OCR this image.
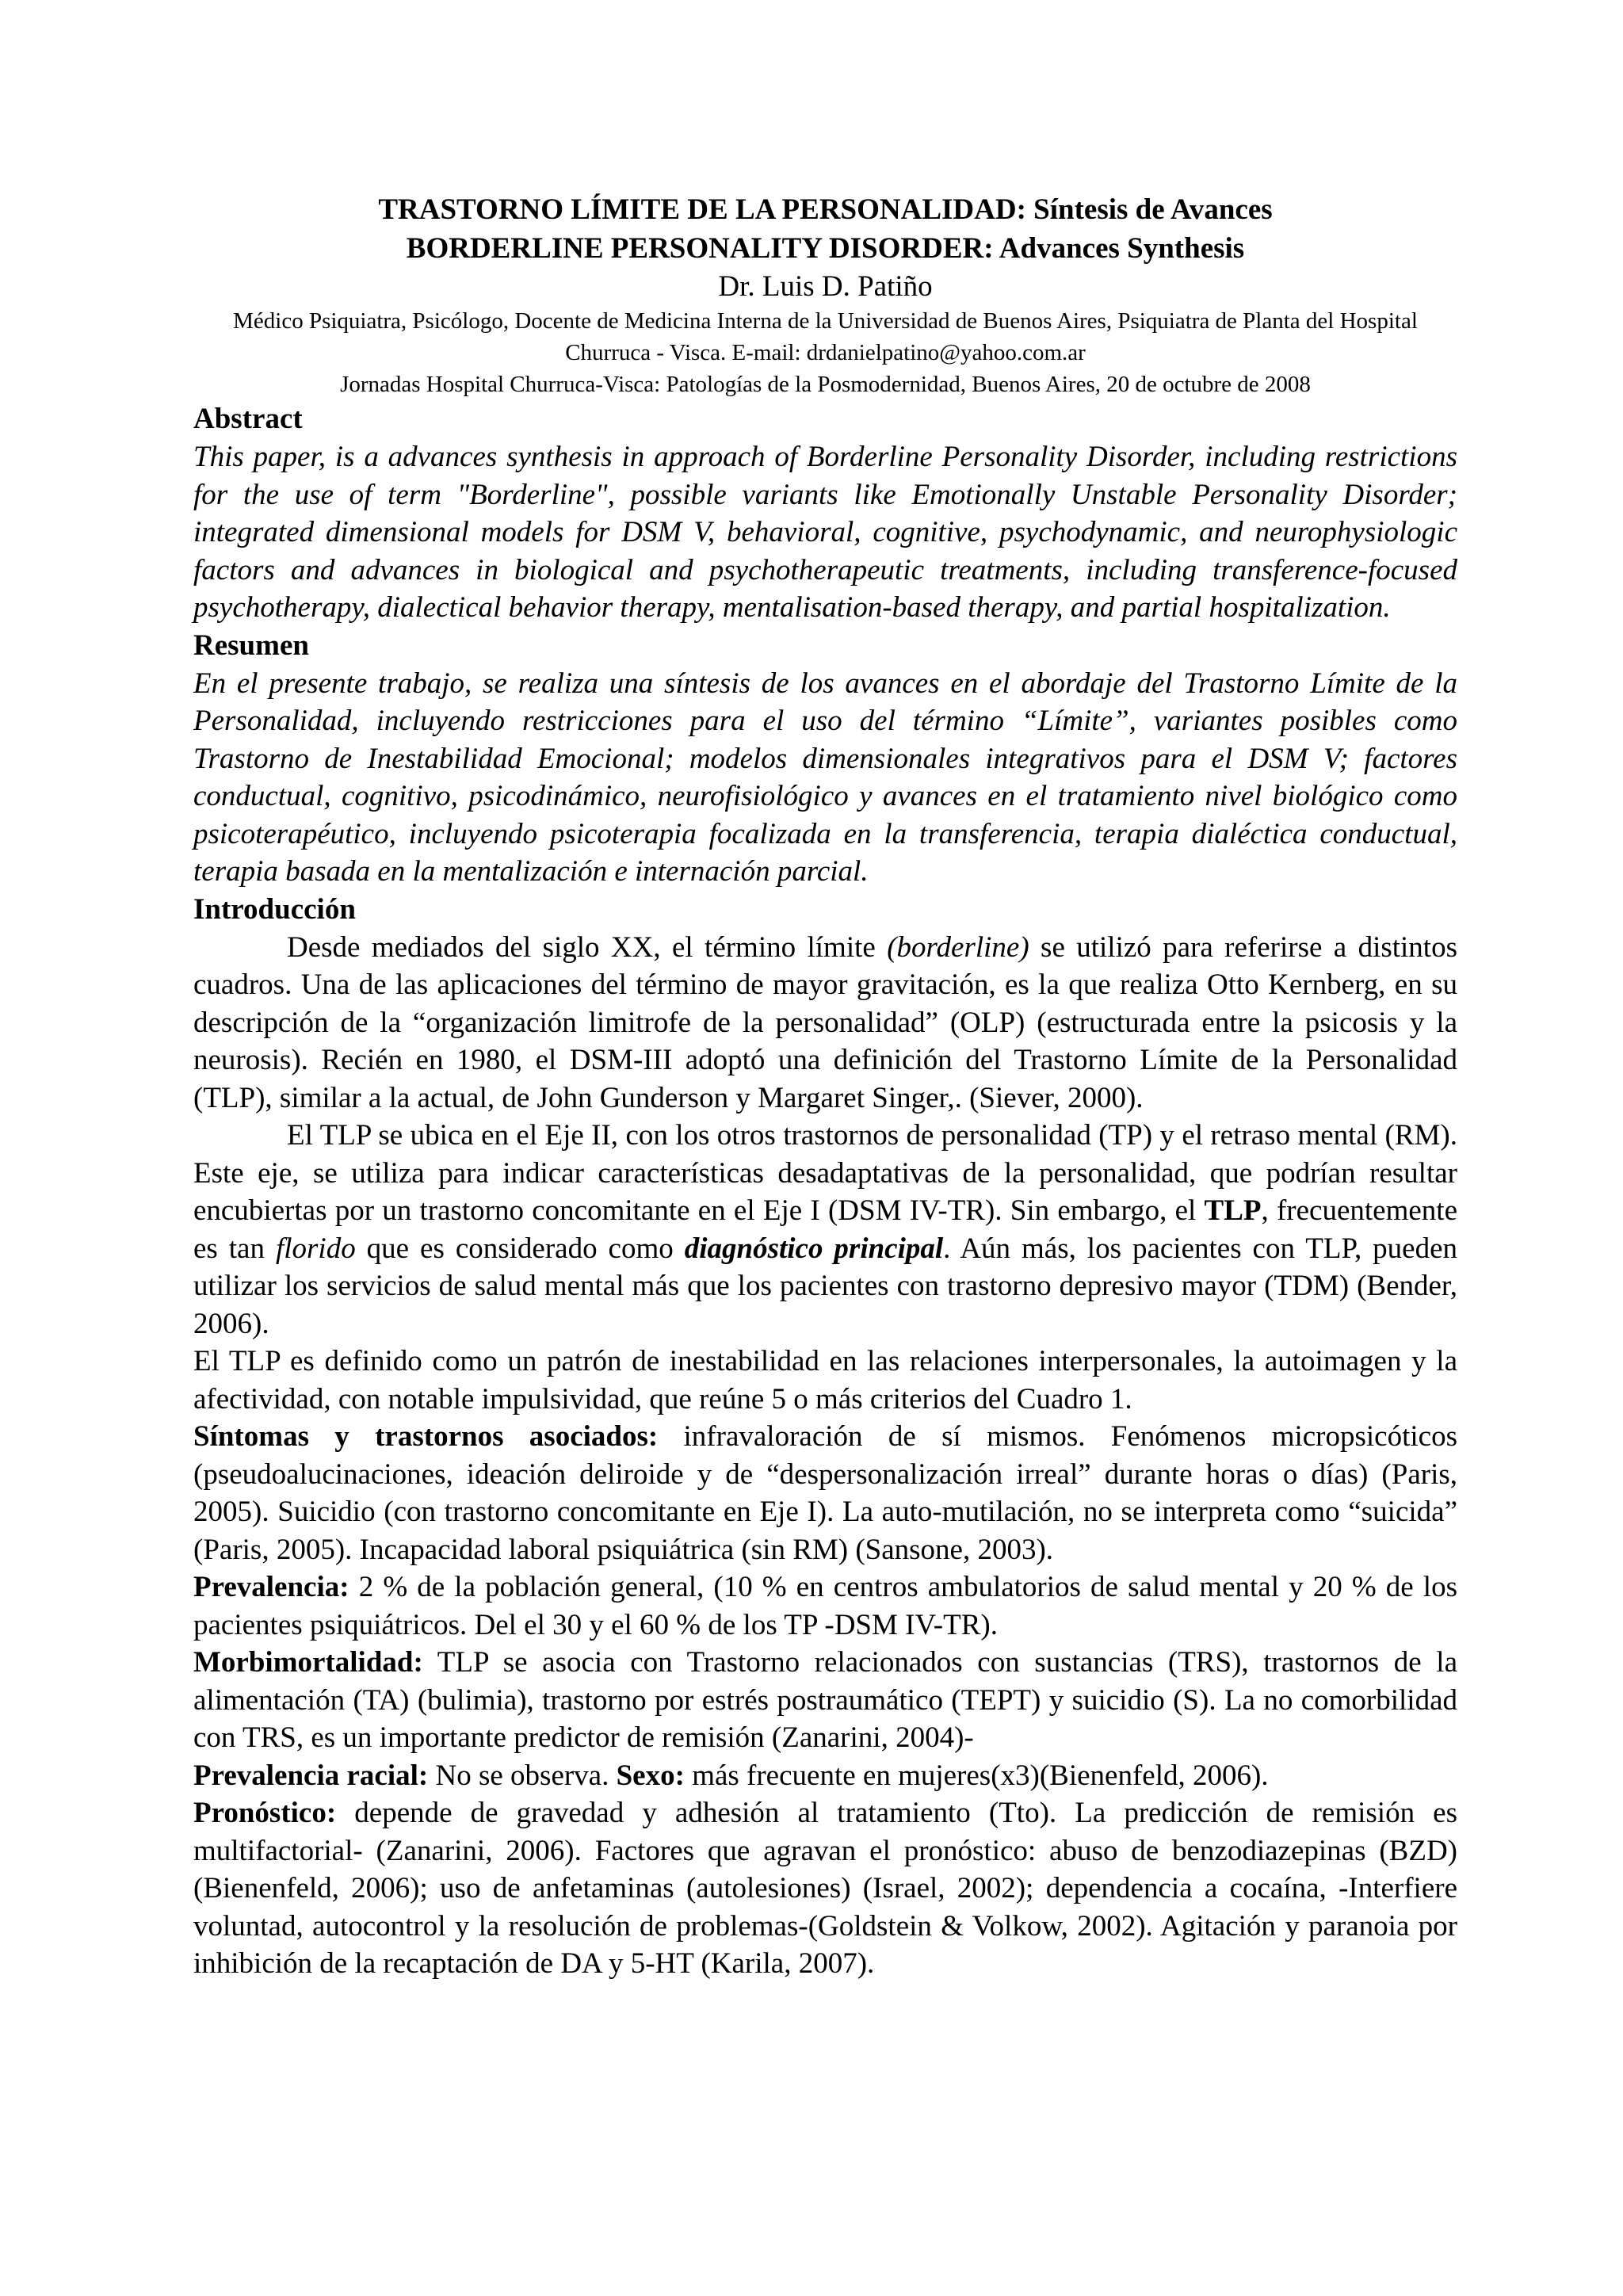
TRASTORNO LÍMITE DE LA PERSONALIDAD: Síntesis de Avances
BORDERLINE PERSONALITY DISORDER: Advances Synthesis
Dr. Luis D. Patiño
Médico Psiquiatra, Psicólogo, Docente de Medicina Interna de la Universidad de Buenos Aires, Psiquiatra de Planta del Hospital Churruca - Visca. E-mail: drdanielpatino@yahoo.com.ar
Jornadas Hospital Churruca-Visca: Patologías de la Posmodernidad, Buenos Aires, 20 de octubre de 2008
Abstract
This paper, is a advances synthesis in approach of Borderline Personality Disorder, including restrictions for the use of term "Borderline", possible variants like Emotionally Unstable Personality Disorder; integrated dimensional models for DSM V, behavioral, cognitive, psychodynamic, and neurophysiologic factors and advances in biological and psychotherapeutic treatments, including transference-focused psychotherapy, dialectical behavior therapy, mentalisation-based therapy, and partial hospitalization.
Resumen
En el presente trabajo, se realiza una síntesis de los avances en el abordaje del Trastorno Límite de la Personalidad, incluyendo restricciones para el uso del término “Límite”, variantes posibles como Trastorno de Inestabilidad Emocional; modelos dimensionales integrativos para el DSM V; factores conductual, cognitivo, psicodinámico, neurofisiológico y avances en el tratamiento nivel biológico como psicoterapéutico, incluyendo psicoterapia focalizada en la transferencia, terapia dialéctica conductual, terapia basada en la mentalización e internación parcial.
Introducción
Desde mediados del siglo XX, el término límite (borderline) se utilizó para referirse a distintos cuadros. Una de las aplicaciones del término de mayor gravitación, es la que realiza Otto Kernberg, en su descripción de la “organización limitrofe de la personalidad” (OLP) (estructurada entre la psicosis y la neurosis). Recién en 1980, el DSM-III adoptó una definición del Trastorno Límite de la Personalidad (TLP), similar a la actual, de John Gunderson y Margaret Singer,. (Siever, 2000).
El TLP se ubica en el Eje II, con los otros trastornos de personalidad (TP) y el retraso mental (RM). Este eje, se utiliza para indicar características desadaptativas de la personalidad, que podrían resultar encubiertas por un trastorno concomitante en el Eje I (DSM IV-TR). Sin embargo, el TLP, frecuentemente es tan florido que es considerado como diagnóstico principal. Aún más, los pacientes con TLP, pueden utilizar los servicios de salud mental más que los pacientes con trastorno depresivo mayor (TDM) (Bender, 2006).
El TLP es definido como un patrón de inestabilidad en las relaciones interpersonales, la autoimagen y la afectividad, con notable impulsividad, que reúne 5 o más criterios del Cuadro 1.
Síntomas y trastornos asociados: infravaloración de sí mismos. Fenómenos micropsicóticos (pseudoalucinaciones, ideación deliroide y de “despersonalización irreal” durante horas o días) (Paris, 2005). Suicidio (con trastorno concomitante en Eje I). La auto-mutilación, no se interpreta como “suicida” (Paris, 2005). Incapacidad laboral psiquiátrica (sin RM) (Sansone, 2003).
Prevalencia: 2 % de la población general, (10 % en centros ambulatorios de salud mental y 20 % de los pacientes psiquiátricos. Del el 30 y el 60 % de los TP -DSM IV-TR).
Morbimortalidad: TLP se asocia con Trastorno relacionados con sustancias (TRS), trastornos de la alimentación (TA) (bulimia), trastorno por estrés postraumático (TEPT) y suicidio (S). La no comorbilidad con TRS, es un importante predictor de remisión (Zanarini, 2004)-
Prevalencia racial: No se observa. Sexo: más frecuente en mujeres(x3)(Bienenfeld, 2006).
Pronóstico: depende de gravedad y adhesión al tratamiento (Tto). La predicción de remisión es multifactorial- (Zanarini, 2006). Factores que agravan el pronóstico: abuso de benzodiazepinas (BZD) (Bienenfeld, 2006); uso de anfetaminas (autolesiones) (Israel, 2002); dependencia a cocaína, -Interfiere voluntad, autocontrol y la resolución de problemas-(Goldstein & Volkow, 2002). Agitación y paranoia por inhibición de la recaptación de DA y 5-HT (Karila, 2007).
